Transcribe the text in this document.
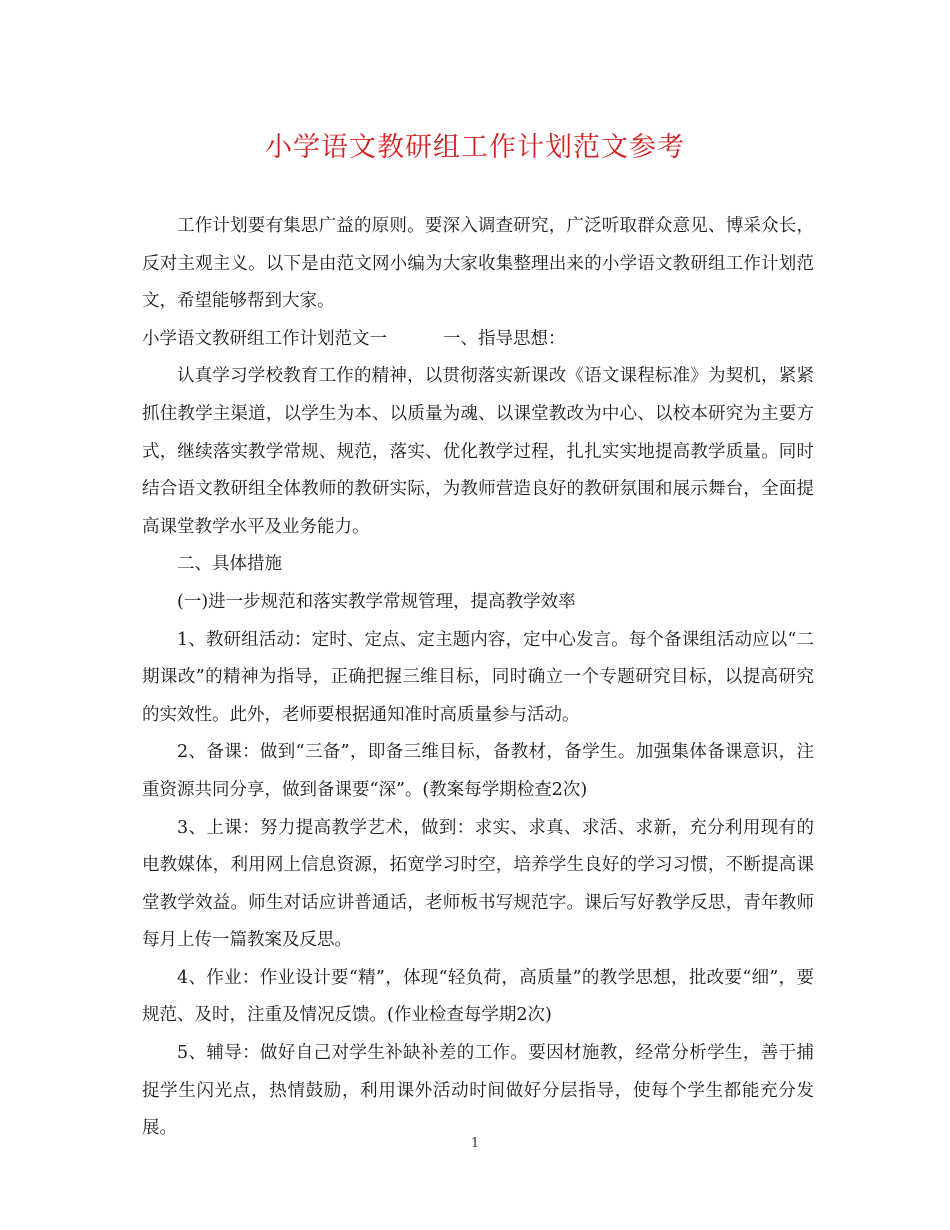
小学语文教研组工作计划范文参考

工作计划要有集思广益的原则。要深入调查研究，广泛听取群众意见、博采众长，反对主观主义。以下是由范文网小编为大家收集整理出来的小学语文教研组工作计划范文，希望能够帮到大家。

小学语文教研组工作计划范文一	一、指导思想：

认真学习学校教育工作的精神，以贯彻落实新课改《语文课程标准》为契机，紧紧抓住教学主渠道，以学生为本、以质量为魂、以课堂教改为中心、以校本研究为主要方式，继续落实教学常规、规范，落实、优化教学过程，扎扎实实地提高教学质量。同时结合语文教研组全体教师的教研实际，为教师营造良好的教研氛围和展示舞台，全面提高课堂教学水平及业务能力。

二、具体措施

(一)进一步规范和落实教学常规管理，提高教学效率

1、教研组活动：定时、定点、定主题内容，定中心发言。每个备课组活动应以“二期课改”的精神为指导，正确把握三维目标，同时确立一个专题研究目标，以提高研究的实效性。此外，老师要根据通知准时高质量参与活动。

2、备课：做到“三备”，即备三维目标，备教材，备学生。加强集体备课意识，注重资源共同分享，做到备课要“深”。(教案每学期检查2次)

3、上课：努力提高教学艺术，做到：求实、求真、求活、求新，充分利用现有的电教媒体，利用网上信息资源，拓宽学习时空，培养学生良好的学习习惯，不断提高课堂教学效益。师生对话应讲普通话，老师板书写规范字。课后写好教学反思，青年教师每月上传一篇教案及反思。

4、作业：作业设计要“精”，体现“轻负荷，高质量”的教学思想，批改要“细”，要规范、及时，注重及情况反馈。(作业检查每学期2次)

5、辅导：做好自己对学生补缺补差的工作。要因材施教，经常分析学生，善于捕捉学生闪光点，热情鼓励，利用课外活动时间做好分层指导，使每个学生都能充分发展。

1
